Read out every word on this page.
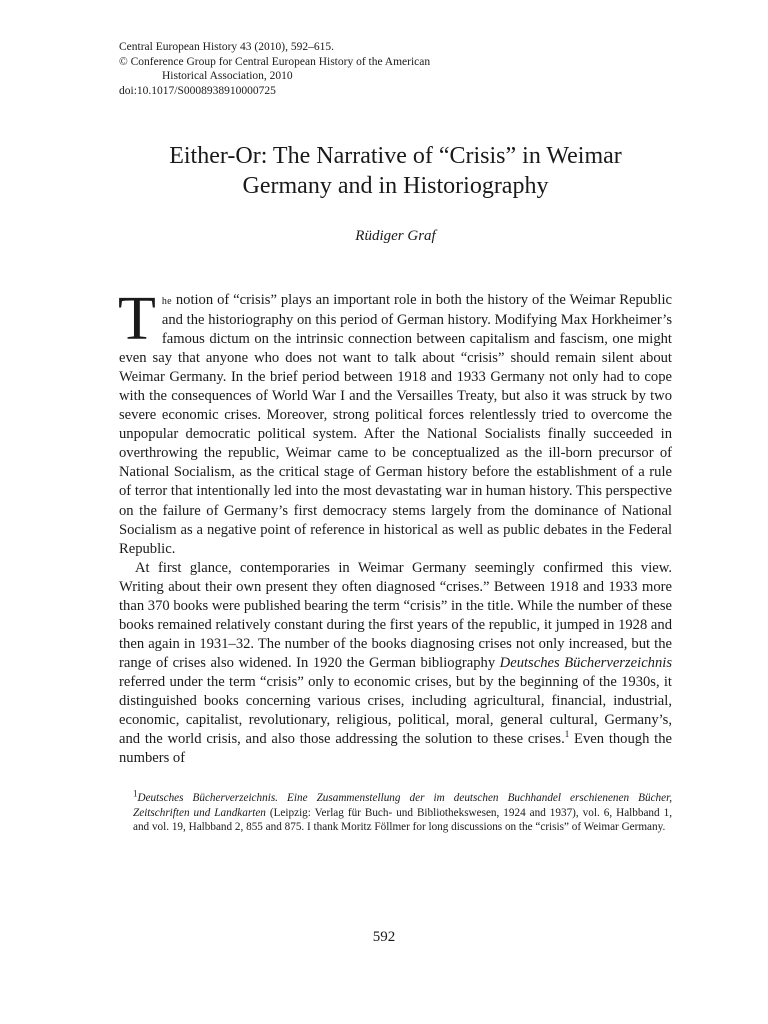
Central European History 43 (2010), 592–615.
© Conference Group for Central European History of the American
Historical Association, 2010
doi:10.1017/S0008938910000725
Either-Or: The Narrative of “Crisis” in Weimar
Germany and in Historiography
Rüdiger Graf

The notion of “crisis” plays an important role in both the history of the Weimar Republic and the historiography on this period of German history. Modifying Max Horkheimer’s famous dictum on the intrinsic connection between capitalism and fascism, one might even say that anyone who does not want to talk about “crisis” should remain silent about Weimar Germany. In the brief period between 1918 and 1933 Germany not only had to cope with the consequences of World War I and the Versailles Treaty, but also it was struck by two severe economic crises. Moreover, strong political forces relentlessly tried to overcome the unpopular democratic political system. After the National Socialists finally succeeded in overthrowing the republic, Weimar came to be conceptualized as the ill-born precursor of National Socialism, as the critical stage of German history before the establishment of a rule of terror that intentionally led into the most devastating war in human history. This perspective on the failure of Germany’s first democracy stems largely from the dominance of National Socialism as a negative point of reference in historical as well as public debates in the Federal Republic.

At first glance, contemporaries in Weimar Germany seemingly confirmed this view. Writing about their own present they often diagnosed “crises.” Between 1918 and 1933 more than 370 books were published bearing the term “crisis” in the title. While the number of these books remained relatively constant during the first years of the republic, it jumped in 1928 and then again in 1931–32. The number of the books diagnosing crises not only increased, but the range of crises also widened. In 1920 the German bibliography Deutsches Bücherverzeichnis referred under the term “crisis” only to economic crises, but by the beginning of the 1930s, it distinguished books concerning various crises, including agricultural, financial, industrial, economic, capitalist, revolutionary, religious, political, moral, general cultural, Germany’s, and the world crisis, and also those addressing the solution to these crises.$^1$ Even though the numbers of

$^1$Deutsches Bücherverzeichnis. Eine Zusammenstellung der im deutschen Buchhandel erschienenen Bücher, Zeitschriften und Landkarten (Leipzig: Verlag für Buch- und Bibliothekswesen, 1924 and 1937), vol. 6, Halbband 1, and vol. 19, Halbband 2, 855 and 875. I thank Moritz Föllmer for long discussions on the “crisis” of Weimar Germany.
592
